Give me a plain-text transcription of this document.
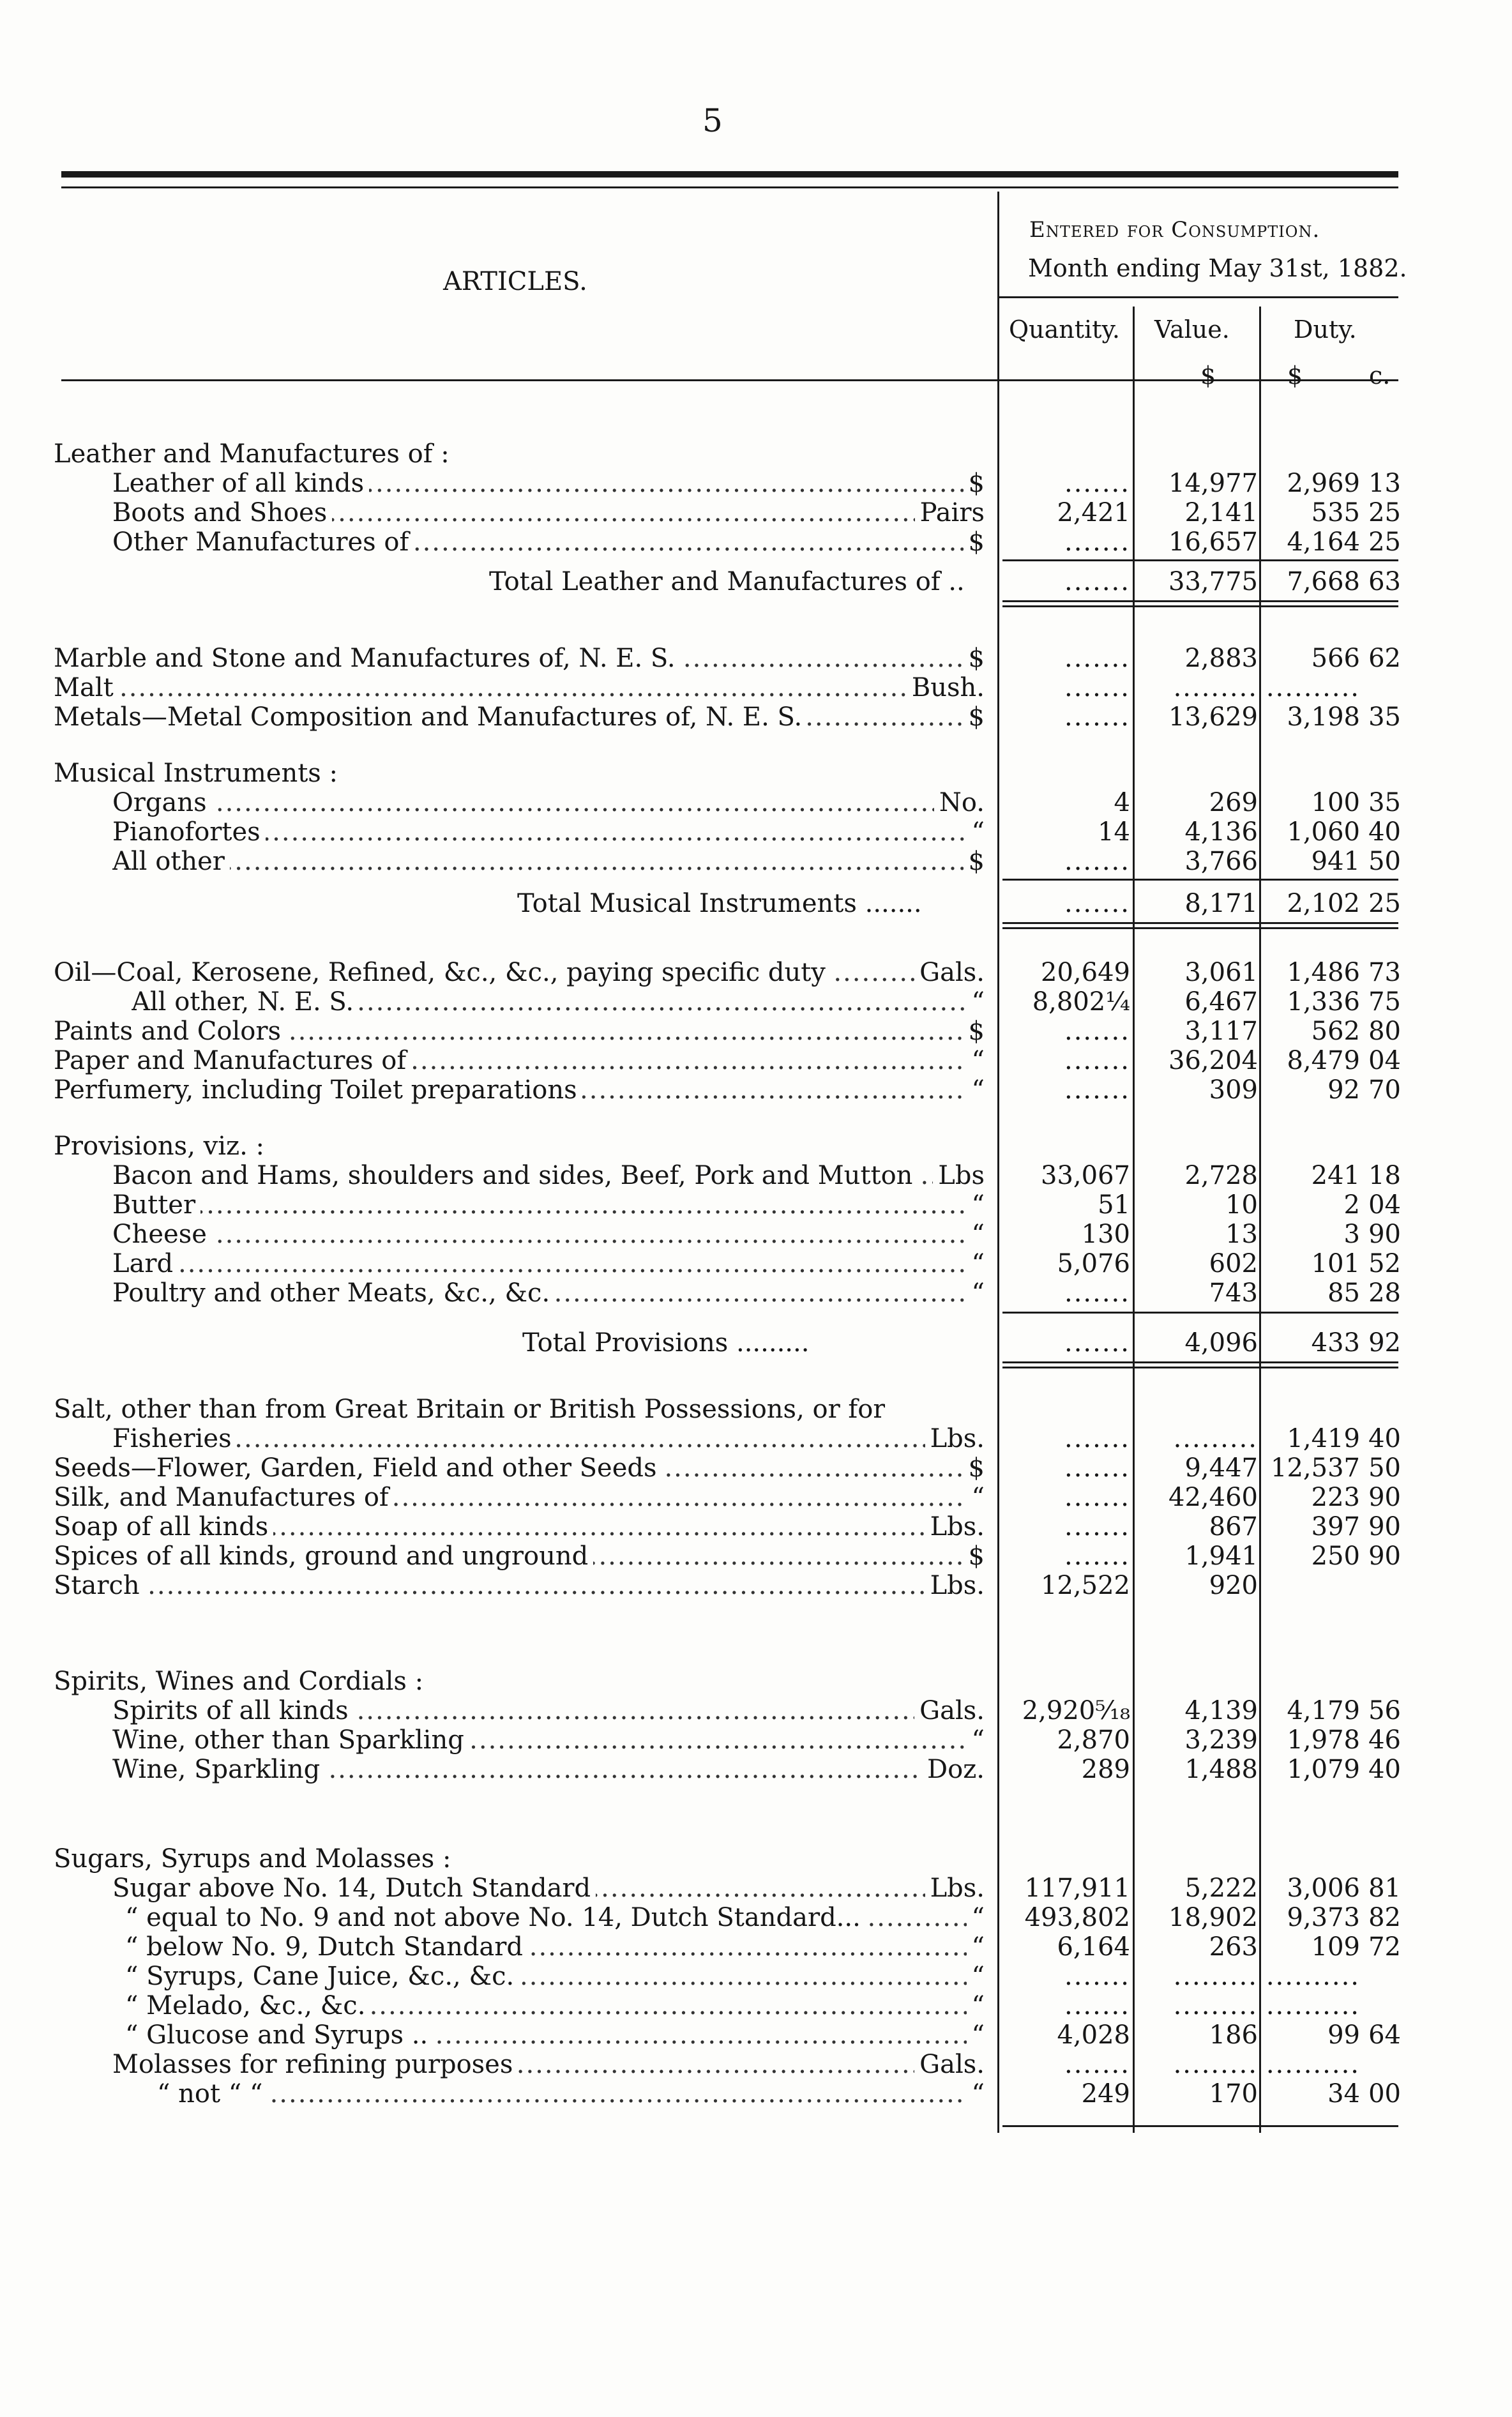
5
ARTICLES.
Entered for Consumption.
Month ending May 31st, 1882.
Quantity. Value.	Duty.
$	$	c.
Leather and Manufactures of :
Leather of all kinds .....	$	.......	14,977	2,969 13
Boots and Shoes .....	Pairs	2,421	2,141	535 25
Other Manufactures of .....	$	.......	16,657	4,164 25
Total Leather and Manufactures of ..	.......	33,775	7,668 63
Marble and Stone and Manufactures of, N. E. S. .....	$	.......	2,883	566 62
Malt .....	Bush.	.......	......... ..........
Metals—Metal Composition and Manufactures of, N. E. S. .....	$	.......	13,629	3,198 35
Musical Instruments :
Organs .....	No.	4	269	100 35
Pianofortes .....	“	14	4,136	1,060 40
All other .....	$	.......	3,766	941 50
Total Musical Instruments .......	.......	8,171	2,102 25
Oil—Coal, Kerosene, Refined, &c., &c., paying specific duty .....	Gals.	20,649	3,061	1,486 73
All other, N. E. S. .....	“	8,802¼	6,467	1,336 75
Paints and Colors .....	$	.......	3,117	562 80
Paper and Manufactures of .....	“	.......	36,204	8,479 04
Perfumery, including Toilet preparations .....	“	.......	309	92 70
Provisions, viz. :
Bacon and Hams, shoulders and sides, Beef, Pork and Mutton ..... Lbs	33,067	2,728	241 18
Butter .....	“	51	10	2 04
Cheese .....	“	130	13	3 90
Lard .....	“	5,076	602	101 52
Poultry and other Meats, &c., &c. .....	“	.......	743	85 28
Total Provisions .........	.......	4,096	433 92
Salt, other than from Great Britain or British Possessions, or for
Fisheries .....	Lbs.	.......	.........	1,419 40
Seeds—Flower, Garden, Field and other Seeds .....	$	.......	9,447 12,537 50
Silk, and Manufactures of .....	“	.......	42,460	223 90
Soap of all kinds .....	Lbs.	.......	867	397 90
Spices of all kinds, ground and unground .....	$	.......	1,941	250 90
Starch .....	Lbs.	12,522	920
Spirits, Wines and Cordials :
Spirits of all kinds .....	Gals.	2,920⁵⁄₁₈	4,139	4,179 56
Wine, other than Sparkling .....	“	2,870	3,239	1,978 46
Wine, Sparkling .....	Doz.	289	1,488	1,079 40
Sugars, Syrups and Molasses :
Sugar above No. 14, Dutch Standard .....	Lbs.	117,911	5,222	3,006 81
“ equal to No. 9 and not above No. 14, Dutch Standard... .....	“	493,802	18,902	9,373 82
“ below No. 9, Dutch Standard .....	“	6,164	263	109 72
“ Syrups, Cane Juice, &c., &c. .....	“	.......	......... ..........
“ Melado, &c., &c. .....	“	.......	......... ..........
“ Glucose and Syrups .. .....	“	4,028	186	99 64
Molasses for refining purposes .....	Gals.	.......	......... ..........
“ not “ “ .....	“	249	170	34 00
